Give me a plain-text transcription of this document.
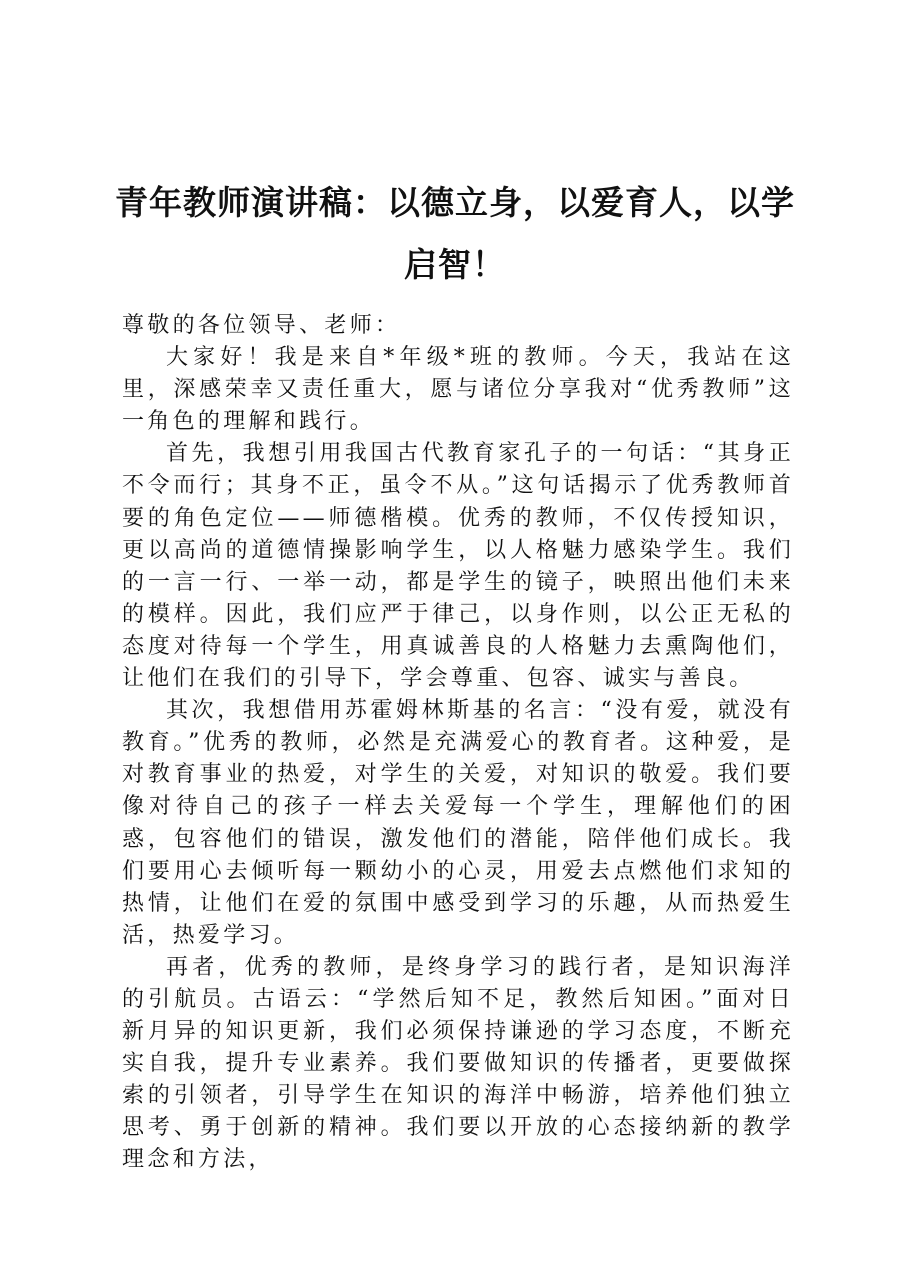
青年教师演讲稿：以德立身，以爱育人，以学启智！

尊敬的各位领导、老师：

大家好！我是来自*年级*班的教师。今天，我站在这里，深感荣幸又责任重大，愿与诸位分享我对“优秀教师”这一角色的理解和践行。

首先，我想引用我国古代教育家孔子的一句话：“其身正不令而行；其身不正，虽令不从。”这句话揭示了优秀教师首要的角色定位——师德楷模。优秀的教师，不仅传授知识，更以高尚的道德情操影响学生，以人格魅力感染学生。我们的一言一行、一举一动，都是学生的镜子，映照出他们未来的模样。因此，我们应严于律己，以身作则，以公正无私的态度对待每一个学生，用真诚善良的人格魅力去熏陶他们，让他们在我们的引导下，学会尊重、包容、诚实与善良。

其次，我想借用苏霍姆林斯基的名言：“没有爱，就没有教育。”优秀的教师，必然是充满爱心的教育者。这种爱，是对教育事业的热爱，对学生的关爱，对知识的敬爱。我们要像对待自己的孩子一样去关爱每一个学生，理解他们的困惑，包容他们的错误，激发他们的潜能，陪伴他们成长。我们要用心去倾听每一颗幼小的心灵，用爱去点燃他们求知的热情，让他们在爱的氛围中感受到学习的乐趣，从而热爱生活，热爱学习。

再者，优秀的教师，是终身学习的践行者，是知识海洋的引航员。古语云：“学然后知不足，教然后知困。”面对日新月异的知识更新，我们必须保持谦逊的学习态度，不断充实自我，提升专业素养。我们要做知识的传播者，更要做探索的引领者，引导学生在知识的海洋中畅游，培养他们独立思考、勇于创新的精神。我们要以开放的心态接纳新的教学理念和方法，
